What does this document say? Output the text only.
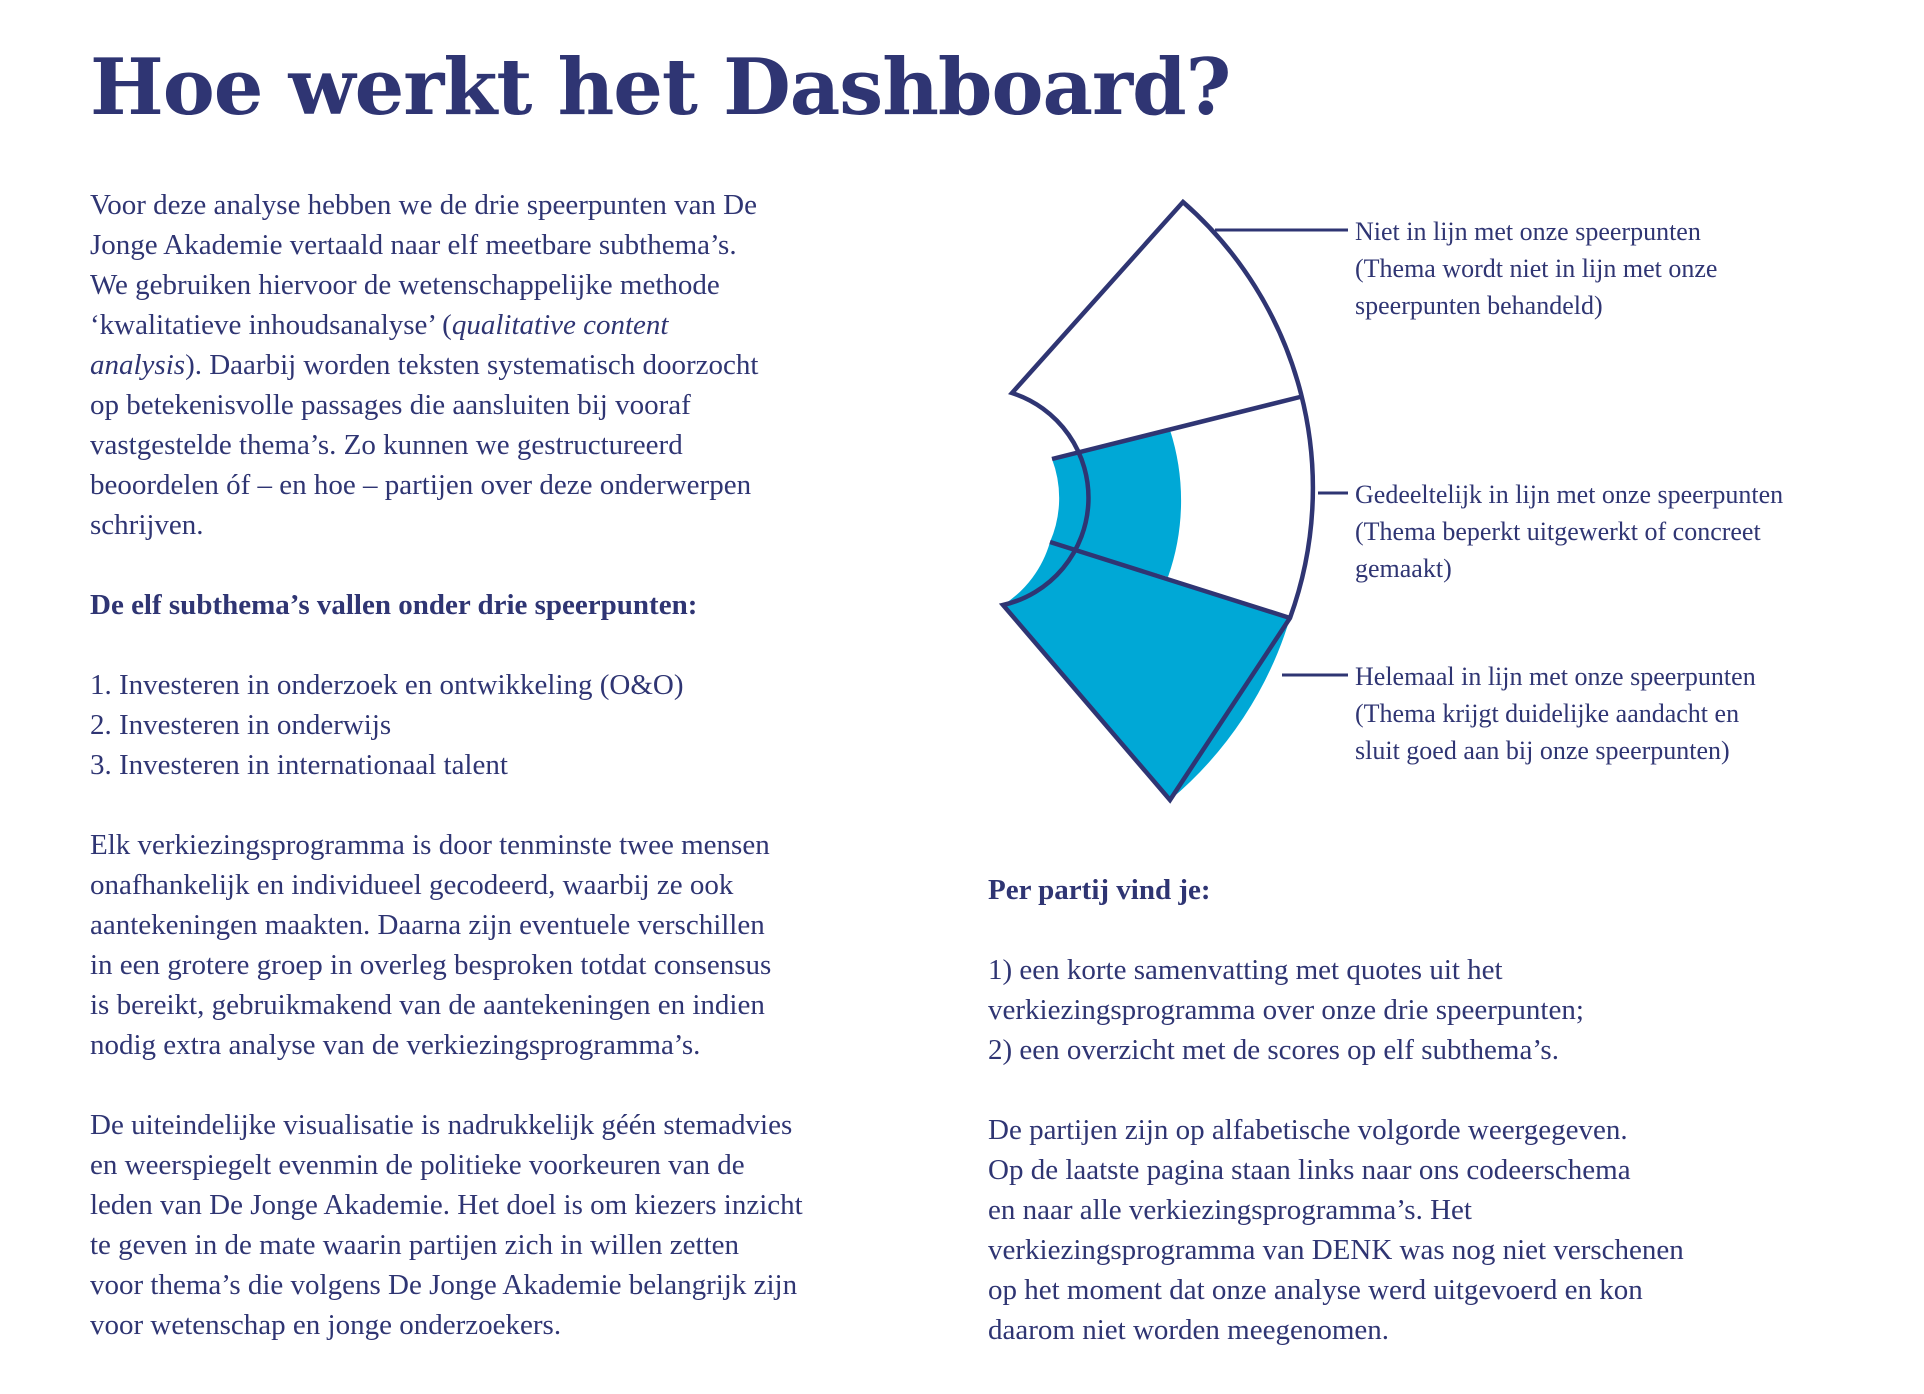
Hoe werkt het Dashboard?

Voor deze analyse hebben we de drie speerpunten van De

Jonge Akademie vertaald naar elf meetbare subthema’s.

We gebruiken hiervoor de wetenschappelijke methode

‘kwalitatieve inhoudsanalyse’ (qualitative content

analysis). Daarbij worden teksten systematisch doorzocht

op betekenisvolle passages die aansluiten bij vooraf

vastgestelde thema’s. Zo kunnen we gestructureerd

beoordelen óf – en hoe – partijen over deze onderwerpen

schrijven.

De elf subthema’s vallen onder drie speerpunten:

1. Investeren in onderzoek en ontwikkeling (O&O)

2. Investeren in onderwijs

3. Investeren in internationaal talent

Elk verkiezingsprogramma is door tenminste twee mensen

onafhankelijk en individueel gecodeerd, waarbij ze ook

aantekeningen maakten. Daarna zijn eventuele verschillen

in een grotere groep in overleg besproken totdat consensus

is bereikt, gebruikmakend van de aantekeningen en indien

nodig extra analyse van de verkiezingsprogramma’s.

De uiteindelijke visualisatie is nadrukkelijk géén stemadvies

en weerspiegelt evenmin de politieke voorkeuren van de

leden van De Jonge Akademie. Het doel is om kiezers inzicht

te geven in de mate waarin partijen zich in willen zetten

voor thema’s die volgens De Jonge Akademie belangrijk zijn

voor wetenschap en jonge onderzoekers.

Niet in lijn met onze speerpunten

(Thema wordt niet in lijn met onze

speerpunten behandeld)

Gedeeltelijk in lijn met onze speerpunten

(Thema beperkt uitgewerkt of concreet

gemaakt)

Helemaal in lijn met onze speerpunten

(Thema krijgt duidelijke aandacht en

sluit goed aan bij onze speerpunten)

Per partij vind je:

1) een korte samenvatting met quotes uit het

verkiezingsprogramma over onze drie speerpunten;

2) een overzicht met de scores op elf subthema’s.

De partijen zijn op alfabetische volgorde weergegeven.

Op de laatste pagina staan links naar ons codeerschema

en naar alle verkiezingsprogramma’s. Het

verkiezingsprogramma van DENK was nog niet verschenen

op het moment dat onze analyse werd uitgevoerd en kon

daarom niet worden meegenomen.
